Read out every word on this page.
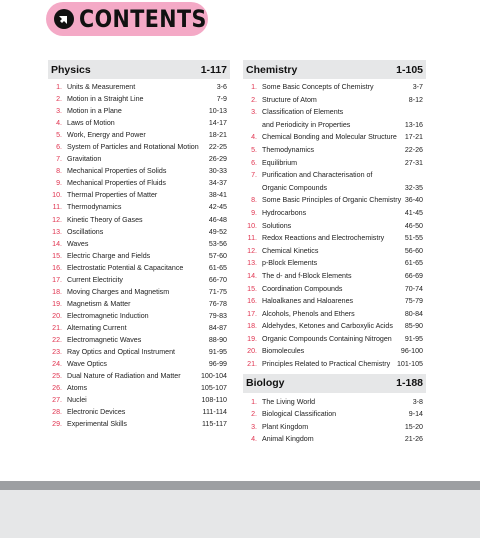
CONTENTS
Physics	1-117
1. Units & Measurement	3-6
2. Motion in a Straight Line	7-9
3. Motion in a Plane	10-13
4. Laws of Motion	14-17
5. Work, Energy and Power	18-21
6. System of Particles and Rotational Motion 22-25
7. Gravitation	26-29
8. Mechanical Properties of Solids	30-33
9. Mechanical Properties of Fluids	34-37
10. Thermal Properties of Matter	38-41
11. Thermodynamics	42-45
12. Kinetic Theory of Gases	46-48
13. Oscillations	49-52
14. Waves	53-56
15. Electric Charge and Fields	57-60
16. Electrostatic Potential & Capacitance	61-65
17. Current Electricity	66-70
18. Moving Charges and Magnetism	71-75
19. Magnetism & Matter	76-78
20. Electromagnetic Induction	79-83
21. Alternating Current	84-87
22. Electromagnetic Waves	88-90
23. Ray Optics and Optical Instrument	91-95
24. Wave Optics	96-99
25. Dual Nature of Radiation and Matter	100-104
26. Atoms	105-107
27. Nuclei	108-110
28. Electronic Devices	111-114
29. Experimental Skills	115-117
Chemistry	1-105
1. Some Basic Concepts of Chemistry	3-7
2. Structure of Atom	8-12
3. Classification of Elements
and Periodicity in Properties	13-16
4. Chemical Bonding and Molecular Structure 17-21
5. Themodynamics	22-26
6. Equilibrium	27-31
7. Purification and Characterisation of
Organic Compounds	32-35
8. Some Basic Principles of Organic Chemistry 36-40
9. Hydrocarbons	41-45
10. Solutions	46-50
11. Redox Reactions and Electrochemistry	51-55
12. Chemical Kinetics	56-60
13. p-Block Elements	61-65
14. The d- and f-Block Elements	66-69
15. Coordination Compounds	70-74
16. Haloalkanes and Haloarenes	75-79
17. Alcohols, Phenols and Ethers	80-84
18. Aldehydes, Ketones and Carboxylic Acids 85-90
19. Organic Compounds Containing Nitrogen 91-95
20. Biomolecules	96-100
21. Principles Related to Practical Chemistry 101-105
Biology	1-188
1. The Living World	3-8
2. Biological Classification	9-14
3. Plant Kingdom	15-20
4. Animal Kingdom	21-26
